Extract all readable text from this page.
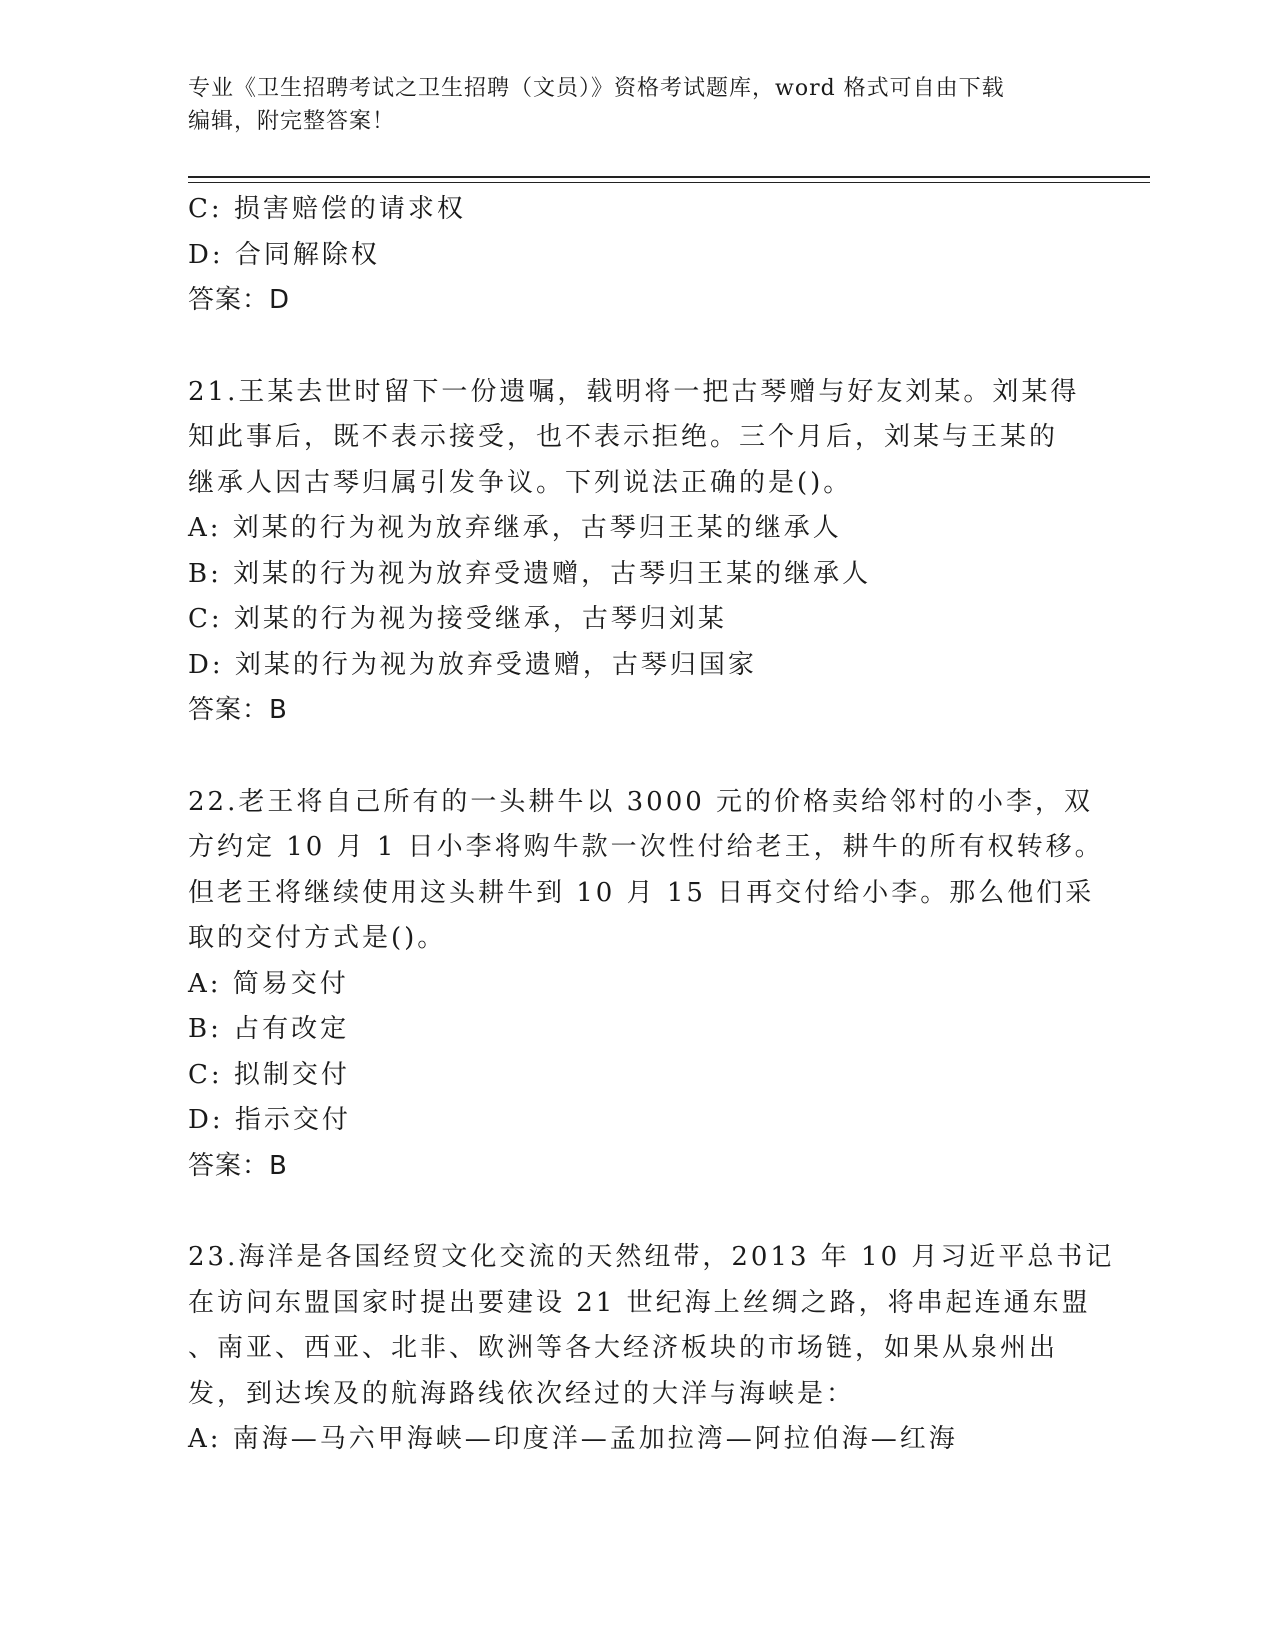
专业《卫生招聘考试之卫生招聘（文员）》资格考试题库，word 格式可自由下载
编辑，附完整答案！
C: 损害赔偿的请求权
D: 合同解除权
答案：D
21.王某去世时留下一份遗嘱，载明将一把古琴赠与好友刘某。刘某得
知此事后，既不表示接受，也不表示拒绝。三个月后，刘某与王某的
继承人因古琴归属引发争议。下列说法正确的是()。
A: 刘某的行为视为放弃继承，古琴归王某的继承人
B: 刘某的行为视为放弃受遗赠，古琴归王某的继承人
C: 刘某的行为视为接受继承，古琴归刘某
D: 刘某的行为视为放弃受遗赠，古琴归国家
答案：B
22.老王将自己所有的一头耕牛以 3000 元的价格卖给邻村的小李，双
方约定 10 月 1 日小李将购牛款一次性付给老王，耕牛的所有权转移。
但老王将继续使用这头耕牛到 10 月 15 日再交付给小李。那么他们采
取的交付方式是()。
A: 简易交付
B: 占有改定
C: 拟制交付
D: 指示交付
答案：B
23.海洋是各国经贸文化交流的天然纽带，2013 年 10 月习近平总书记
在访问东盟国家时提出要建设 21 世纪海上丝绸之路，将串起连通东盟
、南亚、西亚、北非、欧洲等各大经济板块的市场链，如果从泉州出
发，到达埃及的航海路线依次经过的大洋与海峡是：
A: 南海—马六甲海峡—印度洋—孟加拉湾—阿拉伯海—红海
